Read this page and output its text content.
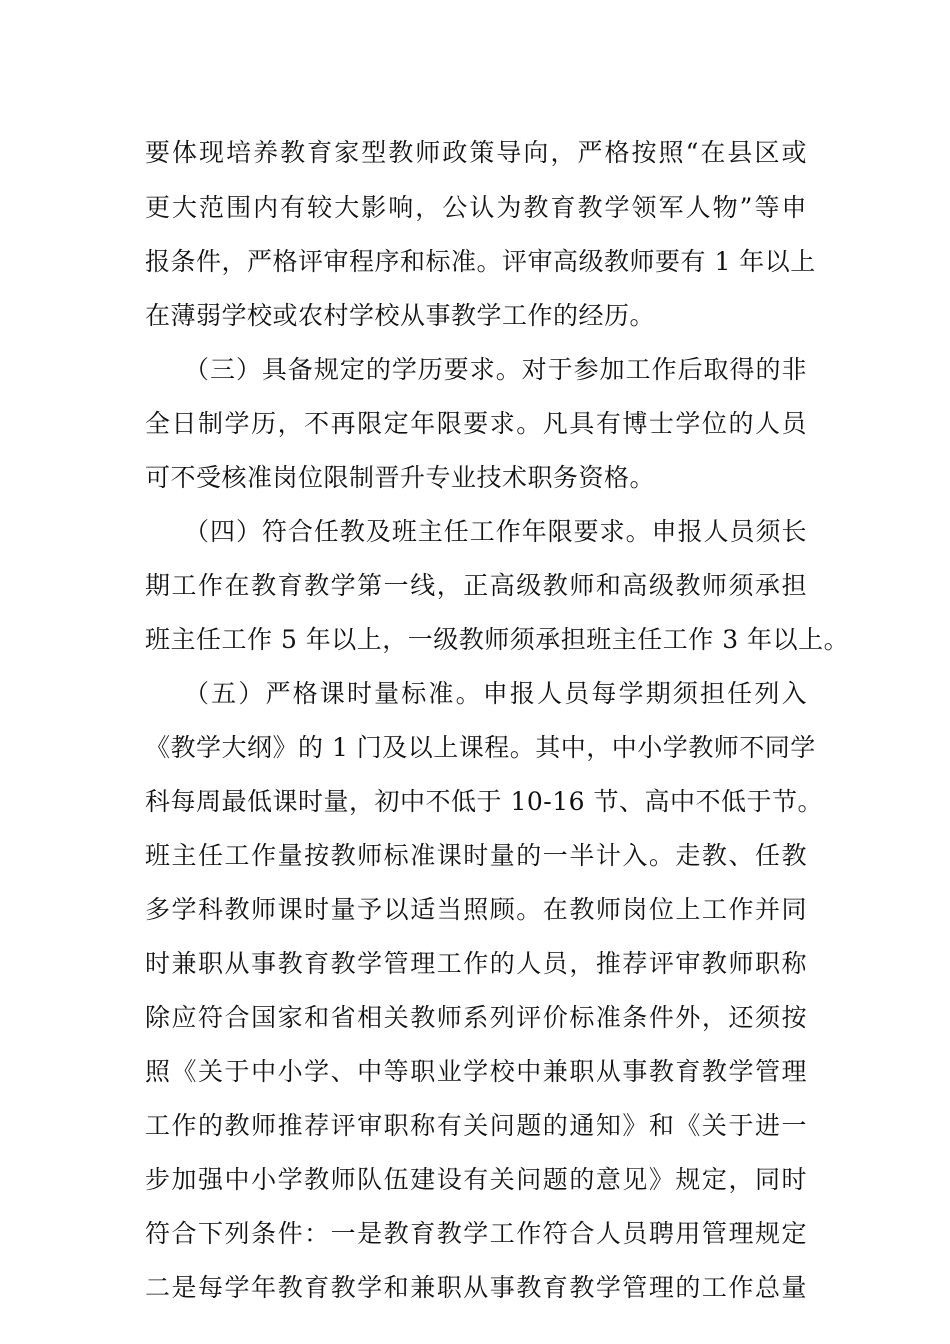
要体现培养教育家型教师政策导向，严格按照“在县区或
更大范围内有较大影响，公认为教育教学领军人物”等申
报条件，严格评审程序和标准。评审高级教师要有 1 年以上
在薄弱学校或农村学校从事教学工作的经历。
（三）具备规定的学历要求。对于参加工作后取得的非
全日制学历，不再限定年限要求。凡具有博士学位的人员
可不受核准岗位限制晋升专业技术职务资格。
（四）符合任教及班主任工作年限要求。申报人员须长
期工作在教育教学第一线，正高级教师和高级教师须承担
班主任工作 5 年以上，一级教师须承担班主任工作 3 年以上。
（五）严格课时量标准。申报人员每学期须担任列入
《教学大纲》的 1 门及以上课程。其中，中小学教师不同学
科每周最低课时量，初中不低于 10-16 节、高中不低于节。
班主任工作量按教师标准课时量的一半计入。走教、任教
多学科教师课时量予以适当照顾。在教师岗位上工作并同
时兼职从事教育教学管理工作的人员，推荐评审教师职称
除应符合国家和省相关教师系列评价标准条件外，还须按
照《关于中小学、中等职业学校中兼职从事教育教学管理
工作的教师推荐评审职称有关问题的通知》和《关于进一
步加强中小学教师队伍建设有关问题的意见》规定，同时
符合下列条件：一是教育教学工作符合人员聘用管理规定
二是每学年教育教学和兼职从事教育教学管理的工作总量
